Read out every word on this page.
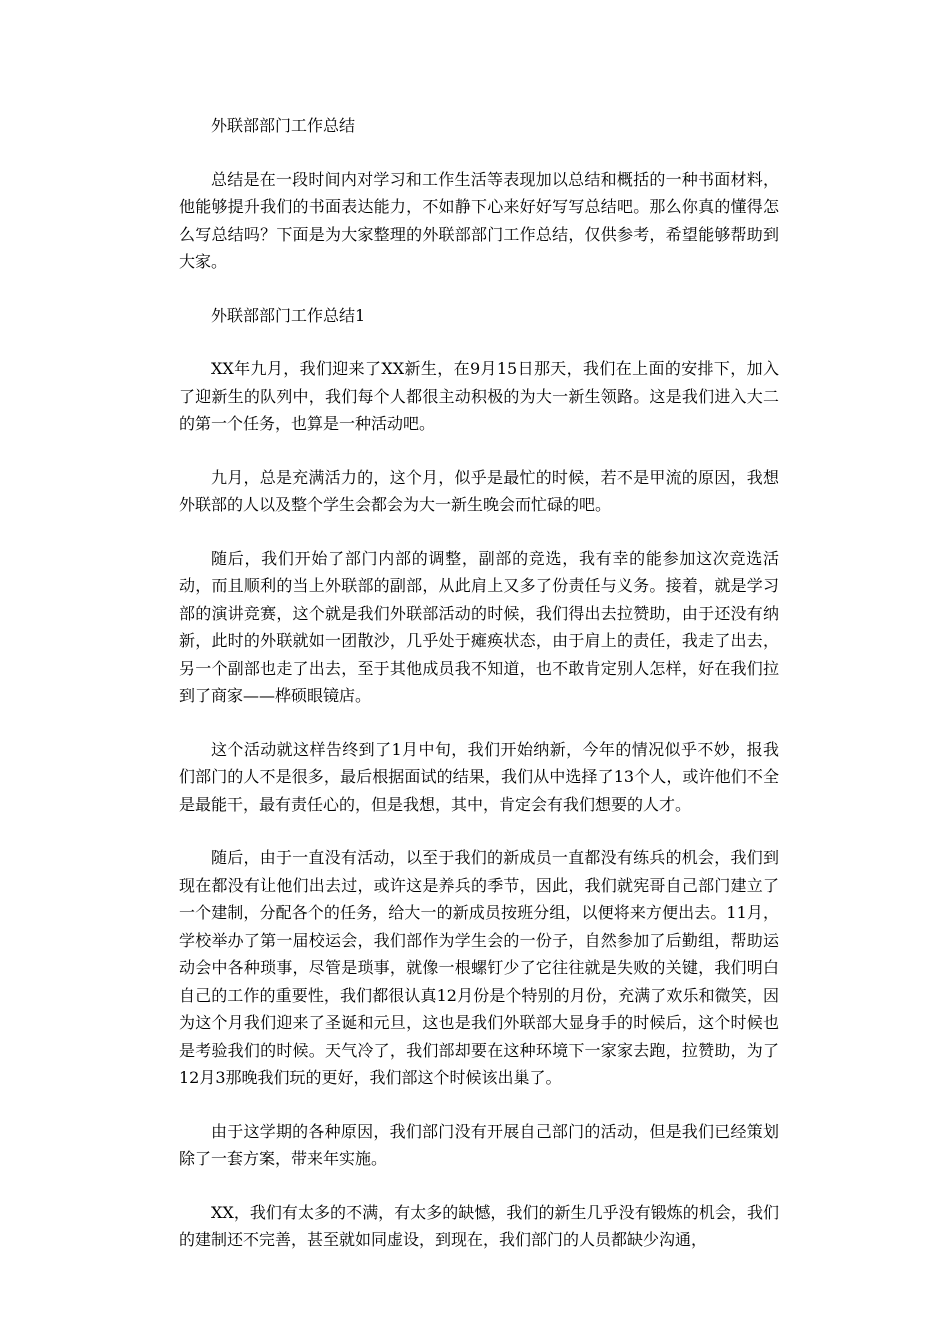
外联部部门工作总结

总结是在一段时间内对学习和工作生活等表现加以总结和概括的一种书面材料，他能够提升我们的书面表达能力，不如静下心来好好写写总结吧。那么你真的懂得怎么写总结吗？下面是为大家整理的外联部部门工作总结，仅供参考，希望能够帮助到大家。

外联部部门工作总结1

XX年九月，我们迎来了XX新生，在9月15日那天，我们在上面的安排下，加入了迎新生的队列中，我们每个人都很主动积极的为大一新生领路。这是我们进入大二的第一个任务，也算是一种活动吧。

九月，总是充满活力的，这个月，似乎是最忙的时候，若不是甲流的原因，我想外联部的人以及整个学生会都会为大一新生晚会而忙碌的吧。

随后，我们开始了部门内部的调整，副部的竞选，我有幸的能参加这次竞选活动，而且顺利的当上外联部的副部，从此肩上又多了份责任与义务。接着，就是学习部的演讲竞赛，这个就是我们外联部活动的时候，我们得出去拉赞助，由于还没有纳新，此时的外联就如一团散沙，几乎处于瘫痪状态，由于肩上的责任，我走了出去，另一个副部也走了出去，至于其他成员我不知道，也不敢肯定别人怎样，好在我们拉到了商家——桦硕眼镜店。

这个活动就这样告终到了1月中旬，我们开始纳新，今年的情况似乎不妙，报我们部门的人不是很多，最后根据面试的结果，我们从中选择了13个人，或许他们不全是最能干，最有责任心的，但是我想，其中，肯定会有我们想要的人才。

随后，由于一直没有活动，以至于我们的新成员一直都没有练兵的机会，我们到现在都没有让他们出去过，或许这是养兵的季节，因此，我们就宪哥自己部门建立了一个建制，分配各个的任务，给大一的新成员按班分组，以便将来方便出去。11月，学校举办了第一届校运会，我们部作为学生会的一份子，自然参加了后勤组，帮助运动会中各种琐事，尽管是琐事，就像一根螺钉少了它往往就是失败的关键，我们明白自己的工作的重要性，我们都很认真12月份是个特别的月份，充满了欢乐和微笑，因为这个月我们迎来了圣诞和元旦，这也是我们外联部大显身手的时候后，这个时候也是考验我们的时候。天气冷了，我们部却要在这种环境下一家家去跑，拉赞助，为了12月3那晚我们玩的更好，我们部这个时候该出巢了。

由于这学期的各种原因，我们部门没有开展自己部门的活动，但是我们已经策划除了一套方案，带来年实施。

XX，我们有太多的不满，有太多的缺憾，我们的新生几乎没有锻炼的机会，我们的建制还不完善，甚至就如同虚设，到现在，我们部门的人员都缺少沟通，
